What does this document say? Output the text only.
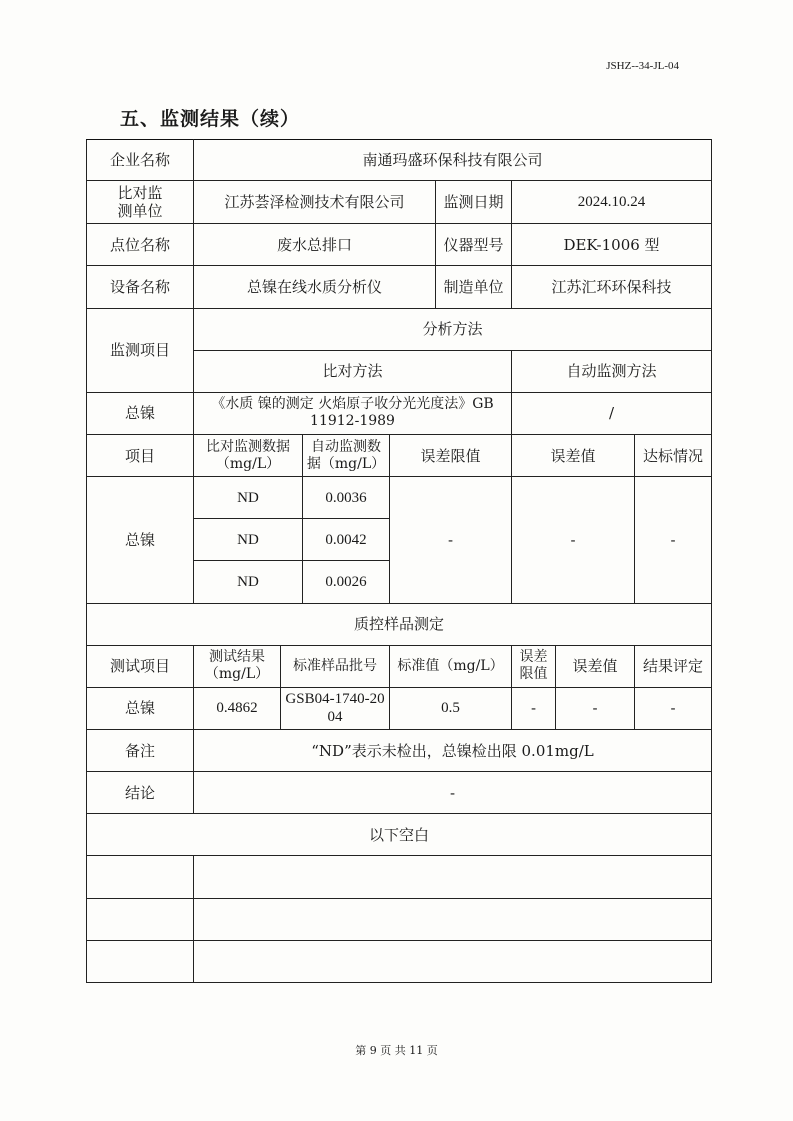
JSHZ--34-JL-04
五、监测结果（续）
企业名称	南通玛盛环保科技有限公司							
比对监
测单位	江苏荟泽检测技术有限公司				监测日期	2024.10.24		
点位名称	废水总排口				仪器型号	DEK-1006 型		
设备名称	总镍在线水质分析仪				制造单位	江苏汇环环保科技		
监测项目	分析方法							
	比对方法					自动监测方法		
总镍	《水质 镍的测定 火焰原子收分光光度法》GB 11912-1989					/		
项目	比对监测数据（mg/L）		自动监测数据（mg/L）	误差限值		误差值		达标情况
总镍	ND		0.0036	-		-		-
	ND		0.0042					
	ND		0.0026					
质控样品测定								
测试项目	测试结果（mg/L）	标准样品批号		标准值（mg/L）		误差限值	误差值	结果评定
总镍	0.4862	GSB04-1740-2004		0.5		-	-	-
备注	“ND”表示未检出，总镍检出限 0.01mg/L							
结论	-							
以下空白								

第 9 页 共 11 页
